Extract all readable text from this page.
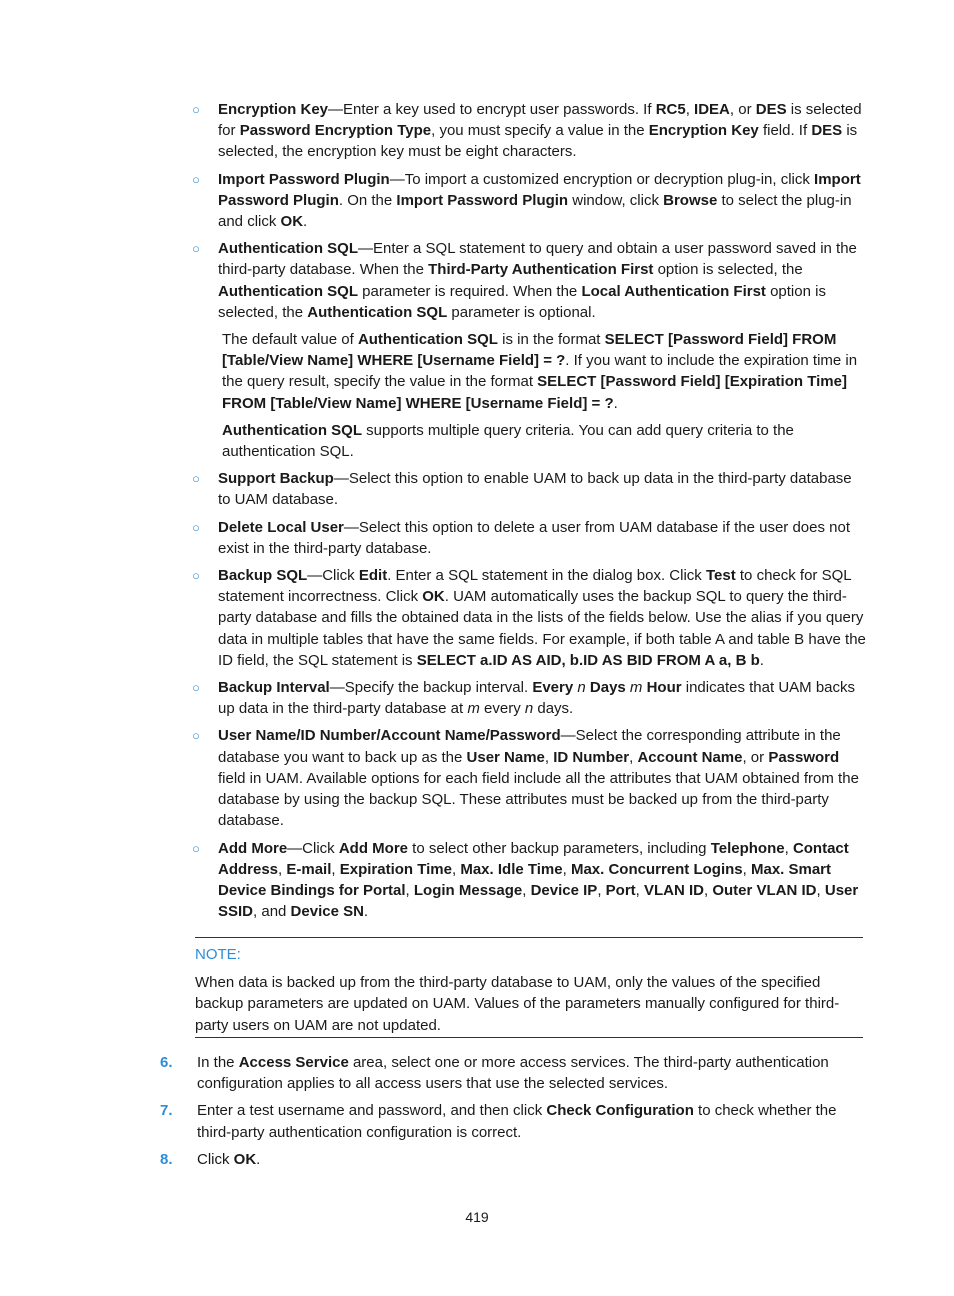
○ Encryption Key—Enter a key used to encrypt user passwords. If RC5, IDEA, or DES is selected for Password Encryption Type, you must specify a value in the Encryption Key field. If DES is selected, the encryption key must be eight characters.
○ Import Password Plugin—To import a customized encryption or decryption plug-in, click Import Password Plugin. On the Import Password Plugin window, click Browse to select the plug-in and click OK.
○ Authentication SQL—Enter a SQL statement to query and obtain a user password saved in the third-party database. When the Third-Party Authentication First option is selected, the Authentication SQL parameter is required. When the Local Authentication First option is selected, the Authentication SQL parameter is optional.
The default value of Authentication SQL is in the format SELECT [Password Field] FROM [Table/View Name] WHERE [Username Field] = ?. If you want to include the expiration time in the query result, specify the value in the format SELECT [Password Field] [Expiration Time] FROM [Table/View Name] WHERE [Username Field] = ?.
Authentication SQL supports multiple query criteria. You can add query criteria to the authentication SQL.
○ Support Backup—Select this option to enable UAM to back up data in the third-party database to UAM database.
○ Delete Local User—Select this option to delete a user from UAM database if the user does not exist in the third-party database.
○ Backup SQL—Click Edit. Enter a SQL statement in the dialog box. Click Test to check for SQL statement incorrectness. Click OK. UAM automatically uses the backup SQL to query the third-party database and fills the obtained data in the lists of the fields below. Use the alias if you query data in multiple tables that have the same fields. For example, if both table A and table B have the ID field, the SQL statement is SELECT a.ID AS AID, b.ID AS BID FROM A a, B b.
○ Backup Interval—Specify the backup interval. Every n Days m Hour indicates that UAM backs up data in the third-party database at m every n days.
○ User Name/ID Number/Account Name/Password—Select the corresponding attribute in the database you want to back up as the User Name, ID Number, Account Name, or Password field in UAM. Available options for each field include all the attributes that UAM obtained from the database by using the backup SQL. These attributes must be backed up from the third-party database.
○ Add More—Click Add More to select other backup parameters, including Telephone, Contact Address, E-mail, Expiration Time, Max. Idle Time, Max. Concurrent Logins, Max. Smart Device Bindings for Portal, Login Message, Device IP, Port, VLAN ID, Outer VLAN ID, User SSID, and Device SN.
NOTE:
When data is backed up from the third-party database to UAM, only the values of the specified backup parameters are updated on UAM. Values of the parameters manually configured for third-party users on UAM are not updated.
6. In the Access Service area, select one or more access services. The third-party authentication configuration applies to all access users that use the selected services.
7. Enter a test username and password, and then click Check Configuration to check whether the third-party authentication configuration is correct.
8. Click OK.
419
